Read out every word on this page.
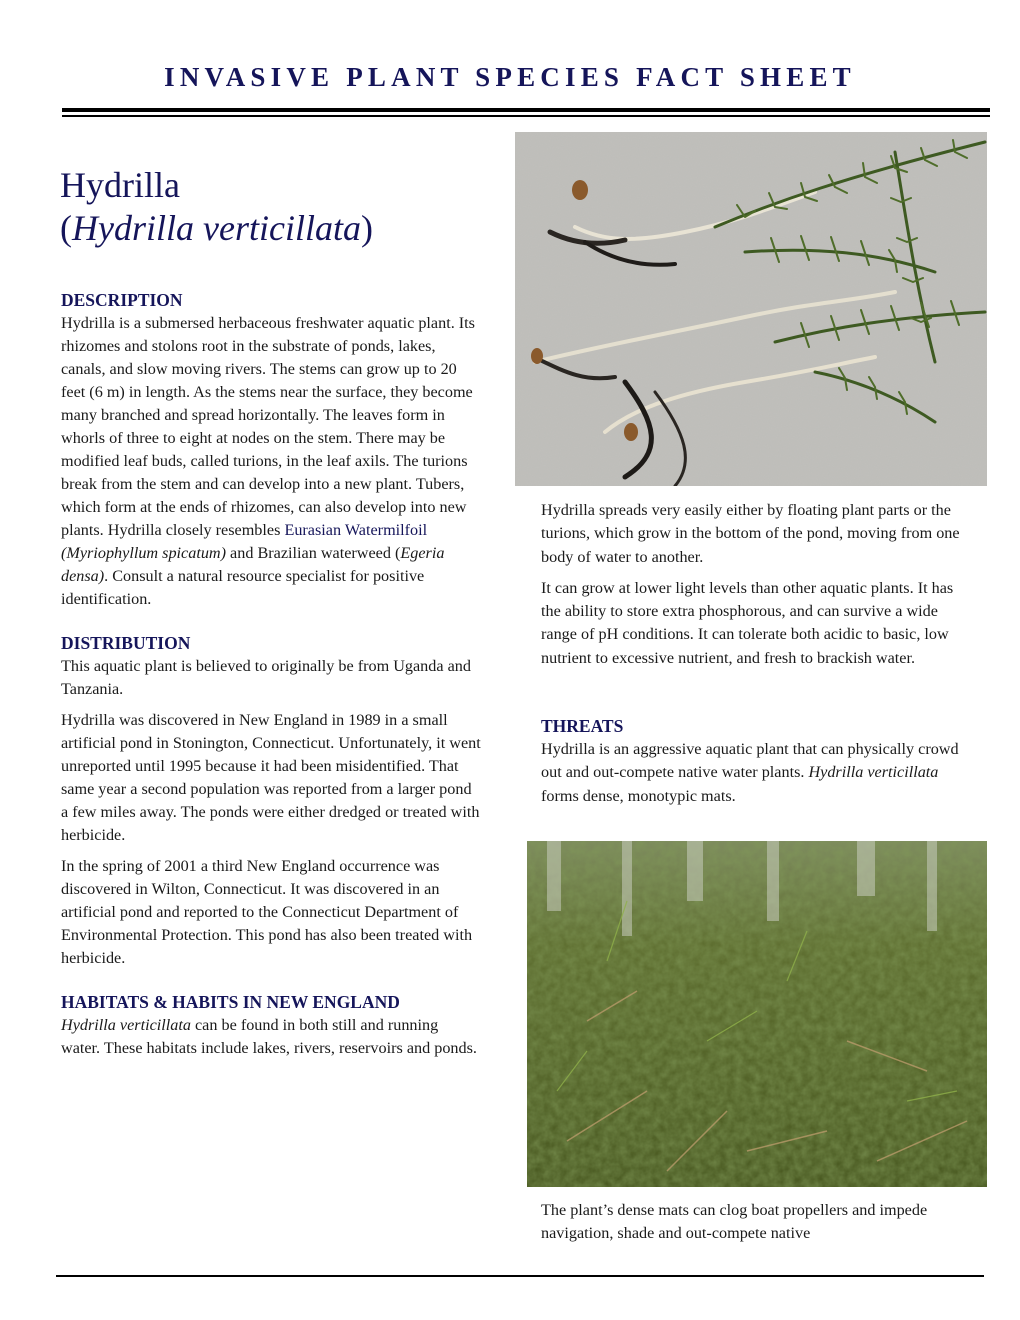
INVASIVE PLANT SPECIES FACT SHEET
Hydrilla
(Hydrilla verticillata)
DESCRIPTION

Hydrilla is a submersed herbaceous freshwater aquatic plant. Its rhizomes and stolons root in the substrate of ponds, lakes, canals, and slow moving rivers. The stems can grow up to 20 feet (6 m) in length. As the stems near the surface, they become many branched and spread horizontally. The leaves form in whorls of three to eight at nodes on the stem. There may be modified leaf buds, called turions, in the leaf axils. The turions break from the stem and can develop into a new plant. Tubers, which form at the ends of rhizomes, can also develop into new plants. Hydrilla closely resembles Eurasian Watermilfoil (Myriophyllum spicatum) and Brazilian waterweed (Egeria densa). Consult a natural resource specialist for positive identification.

DISTRIBUTION

This aquatic plant is believed to originally be from Uganda and Tanzania.

Hydrilla was discovered in New England in 1989 in a small artificial pond in Stonington, Connecticut. Unfortunately, it went unreported until 1995 because it had been misidentified. That same year a second population was reported from a larger pond a few miles away. The ponds were either dredged or treated with herbicide.

In the spring of 2001 a third New England occurrence was discovered in Wilton, Connecticut. It was discovered in an artificial pond and reported to the Connecticut Department of Environmental Protection. This pond has also been treated with herbicide.

HABITATS & HABITS IN NEW ENGLAND

Hydrilla verticillata can be found in both still and running water. These habitats include lakes, rivers, reservoirs and ponds.

Hydrilla spreads very easily either by floating plant parts or the turions, which grow in the bottom of the pond, moving from one body of water to another.

It can grow at lower light levels than other aquatic plants. It has the ability to store extra phosphorous, and can survive a wide range of pH conditions. It can tolerate both acidic to basic, low nutrient to excessive nutrient, and fresh to brackish water.

THREATS

Hydrilla is an aggressive aquatic plant that can physically crowd out and out-compete native water plants. Hydrilla verticillata forms dense, monotypic mats.

The plant’s dense mats can clog boat propellers and impede navigation, shade and out-compete native
